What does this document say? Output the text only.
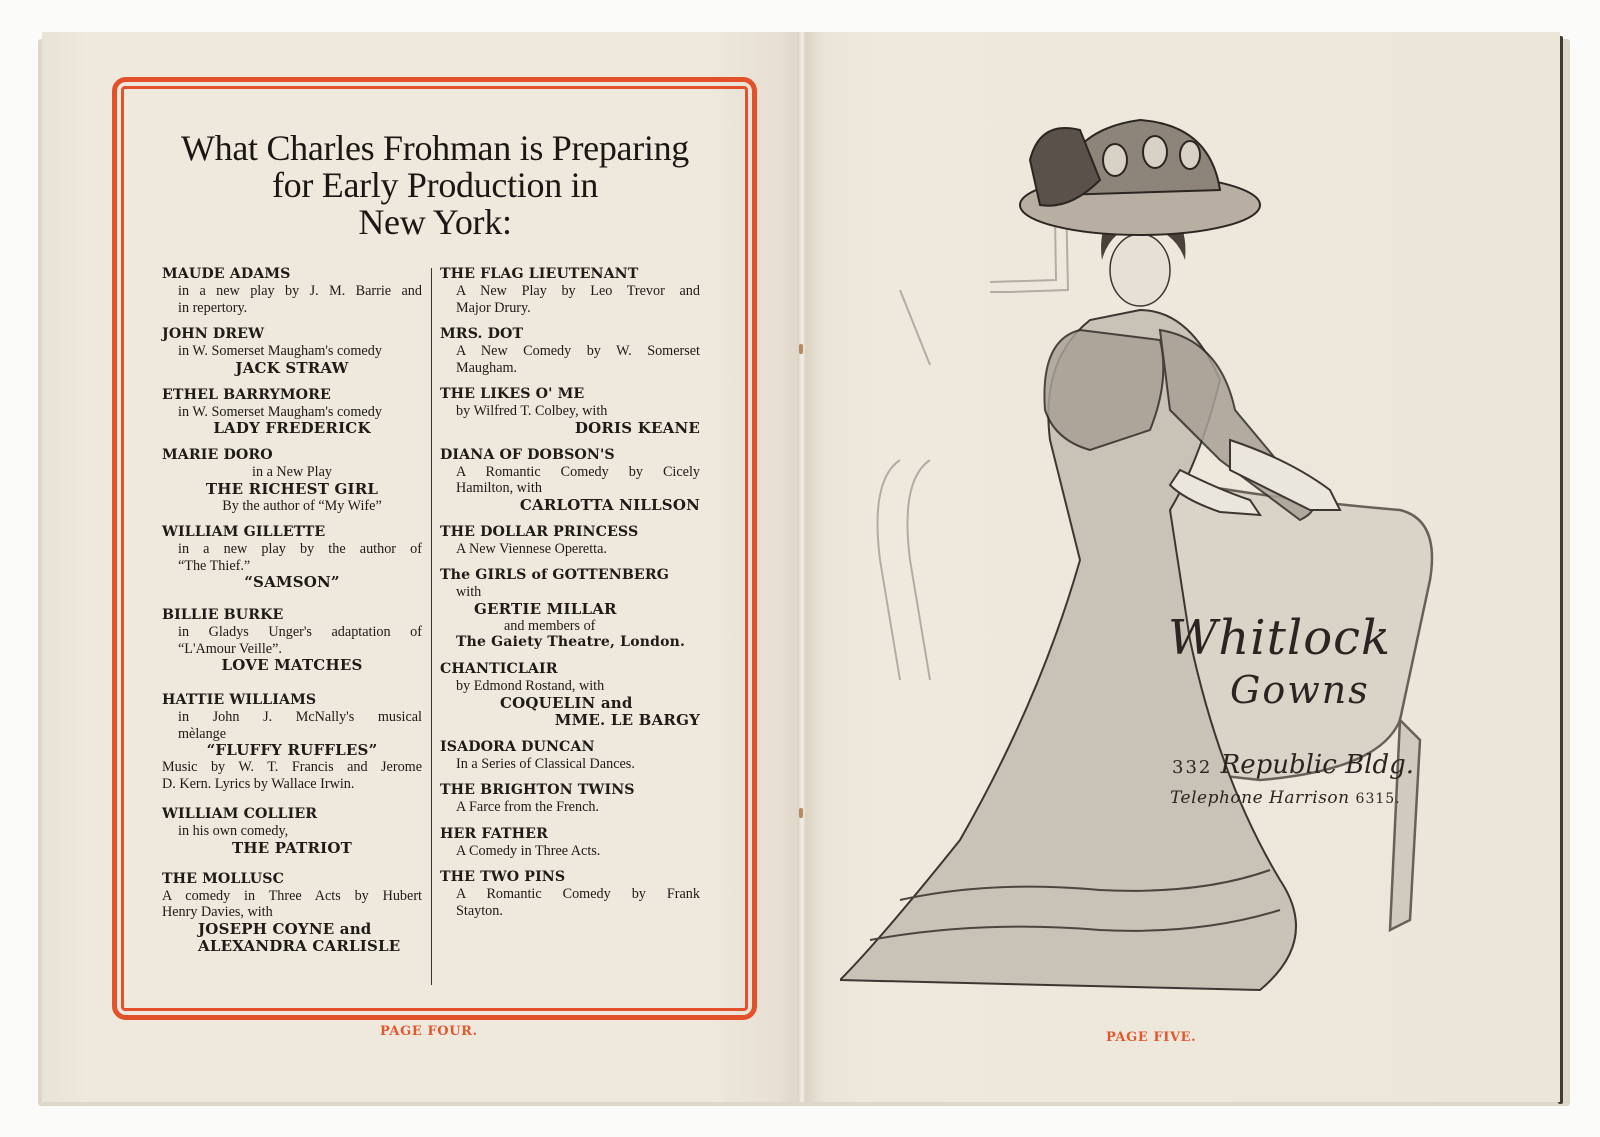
What Charles Frohman is Preparing
for Early Production in
New York:
MAUDE ADAMS
in a new play by J. M. Barrie and
in repertory.
JOHN DREW
in W. Somerset Maugham's comedy
JACK STRAW
ETHEL BARRYMORE
in W. Somerset Maugham's comedy
LADY FREDERICK
MARIE DORO
in a New Play
THE RICHEST GIRL
By the author of “My Wife”
WILLIAM GILLETTE
in a new play by the author of
“The Thief.”
“SAMSON”
BILLIE BURKE
in Gladys Unger's adaptation of
“L'Amour Veille”.
LOVE MATCHES
HATTIE WILLIAMS
in John J. McNally's musical
mèlange
“FLUFFY RUFFLES”
Music by W. T. Francis and Jerome
D. Kern. Lyrics by Wallace Irwin.
WILLIAM COLLIER
in his own comedy,
THE PATRIOT
THE MOLLUSC
A comedy in Three Acts by Hubert
Henry Davies, with
JOSEPH COYNE and
ALEXANDRA CARLISLE
THE FLAG LIEUTENANT
A New Play by Leo Trevor and
Major Drury.
MRS. DOT
A New Comedy by W. Somerset
Maugham.
THE LIKES O' ME
by Wilfred T. Colbey, with
DORIS KEANE
DIANA OF DOBSON'S
A Romantic Comedy by Cicely
Hamilton, with
CARLOTTA NILLSON
THE DOLLAR PRINCESS
A New Viennese Operetta.
The GIRLS of GOTTENBERG
with
GERTIE MILLAR
and members of
The Gaiety Theatre, London.
CHANTICLAIR
by Edmond Rostand, with
COQUELIN and
MME. LE BARGY
ISADORA DUNCAN
In a Series of Classical Dances.
THE BRIGHTON TWINS
A Farce from the French.
HER FATHER
A Comedy in Three Acts.
THE TWO PINS
A Romantic Comedy by Frank
Stayton.
PAGE FOUR.
Whitlock
Gowns
332 Republic Bldg.
Telephone Harrison 6315.
PAGE FIVE.
